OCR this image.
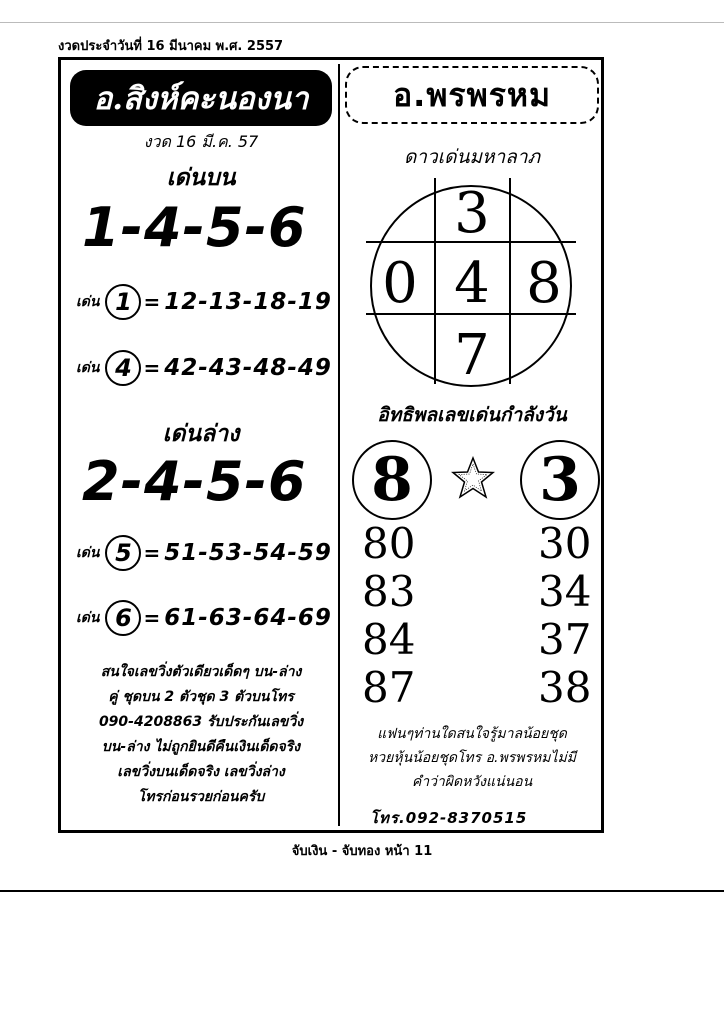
งวดประจำวันที่ 16 มีนาคม พ.ศ. 2557
อ.สิงห์คะนองนา
งวด 16 มี.ค. 57
เด่นบน
1-4-5-6
เด่น 1 = 12-13-18-19
เด่น 4 = 42-43-48-49
เด่นล่าง
2-4-5-6
เด่น 5 = 51-53-54-59
เด่น 6 = 61-63-64-69
สนใจเลขวิ่งตัวเดียวเด็ดๆ บน-ล่าง
คู่ ชุดบน 2 ตัวชุด 3 ตัวบนโทร
090-4208863 รับประกันเลขวิ่ง
บน-ล่าง ไม่ถูกยินดีคืนเงินเด็ดจริง
เลขวิ่งบนเด็ดจริง เลขวิ่งล่าง
โทรก่อนรวยก่อนครับ
อ.พรพรหม
ดาวเด่นมหาลาภ
3
0 4 8
7
อิทธิพลเลขเด่นกำลังวัน
8	3
80
83
84
87
30
34
37
38
แฟนๆท่านใดสนใจรู้มาลน้อยชุด
หวยหุ้นน้อยชุดโทร อ.พรพรหมไม่มี
คำว่าผิดหวังแน่นอน
โทร.092-8370515
จับเงิน - จับทอง หน้า 11
